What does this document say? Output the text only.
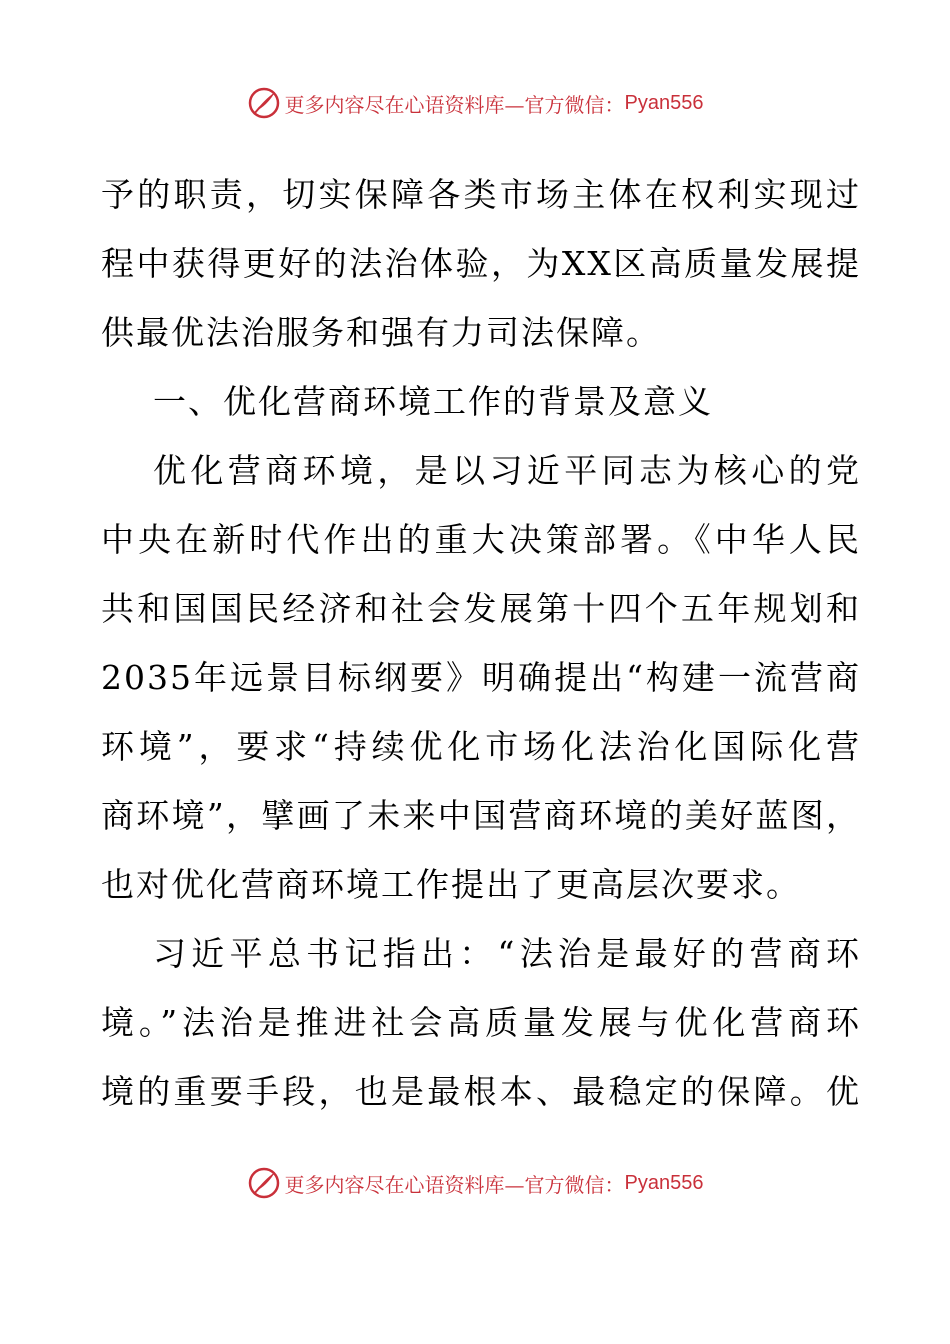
更多内容尽在心语资料库—官方微信： Pyan556
予的职责，切实保障各类市场主体在权利实现过
程中获得更好的法治体验，为XX区高质量发展提
供最优法治服务和强有力司法保障。
一、优化营商环境工作的背景及意义
优化营商环境，是以习近平同志为核心的党
中央在新时代作出的重大决策部署。《中华人民
共和国国民经济和社会发展第十四个五年规划和
2035年远景目标纲要》明确提出“构建一流营商
环境”，要求“持续优化市场化法治化国际化营
商环境”，擘画了未来中国营商环境的美好蓝图，
也对优化营商环境工作提出了更高层次要求。
习近平总书记指出：“法治是最好的营商环
境。”法治是推进社会高质量发展与优化营商环
境的重要手段，也是最根本、最稳定的保障。优
更多内容尽在心语资料库—官方微信： Pyan556
